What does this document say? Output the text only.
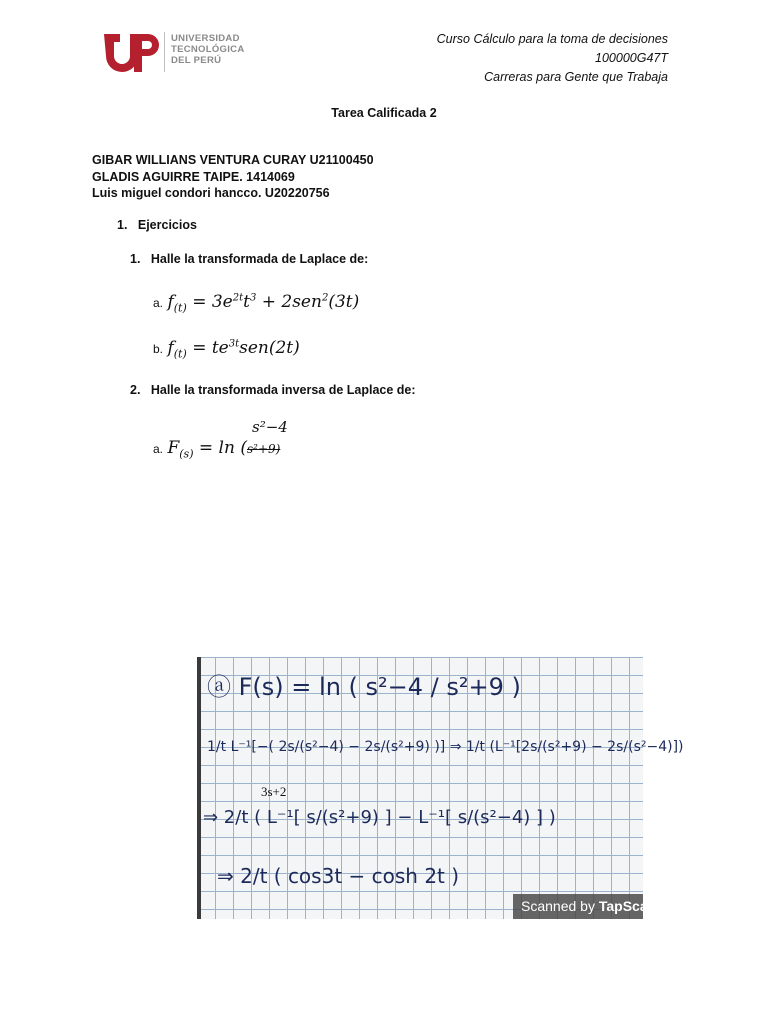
UNIVERSIDAD
TECNOLÓGICA
DEL PERÚ
Curso Cálculo para la toma de decisiones
100000G47T
Carreras para Gente que Trabaja
Tarea Calificada 2
GIBAR WILLIANS VENTURA CURAY U21100450
GLADIS AGUIRRE TAIPE. 1414069
Luis miguel condori hancco. U20220756
1. Ejercicios
1. Halle la transformada de Laplace de:
a. $f_{(t)} = 3e^{2t}t^3 + 2sen^2(3t)$
b. $f_{(t)} = te^{3t}sen(2t)$
2. Halle la transformada inversa de Laplace de:
s²−4
a. $F_{(s)} = \ln (s^2+9)$
ⓐ F(s) = ln ( s²−4 / s²+9 )
1/t L⁻¹[−( 2s/(s²−4) − 2s/(s²+9) )] ⇒ 1/t (L⁻¹[2s/(s²+9) − 2s/(s²−4)])
⇒ 2/t ( L⁻¹[ s/(s²+9) ] − L⁻¹[ s/(s²−4) ] )
⇒ 2/t ( cos3t − cosh 2t )
Scanned by TapScanner
3s+2
